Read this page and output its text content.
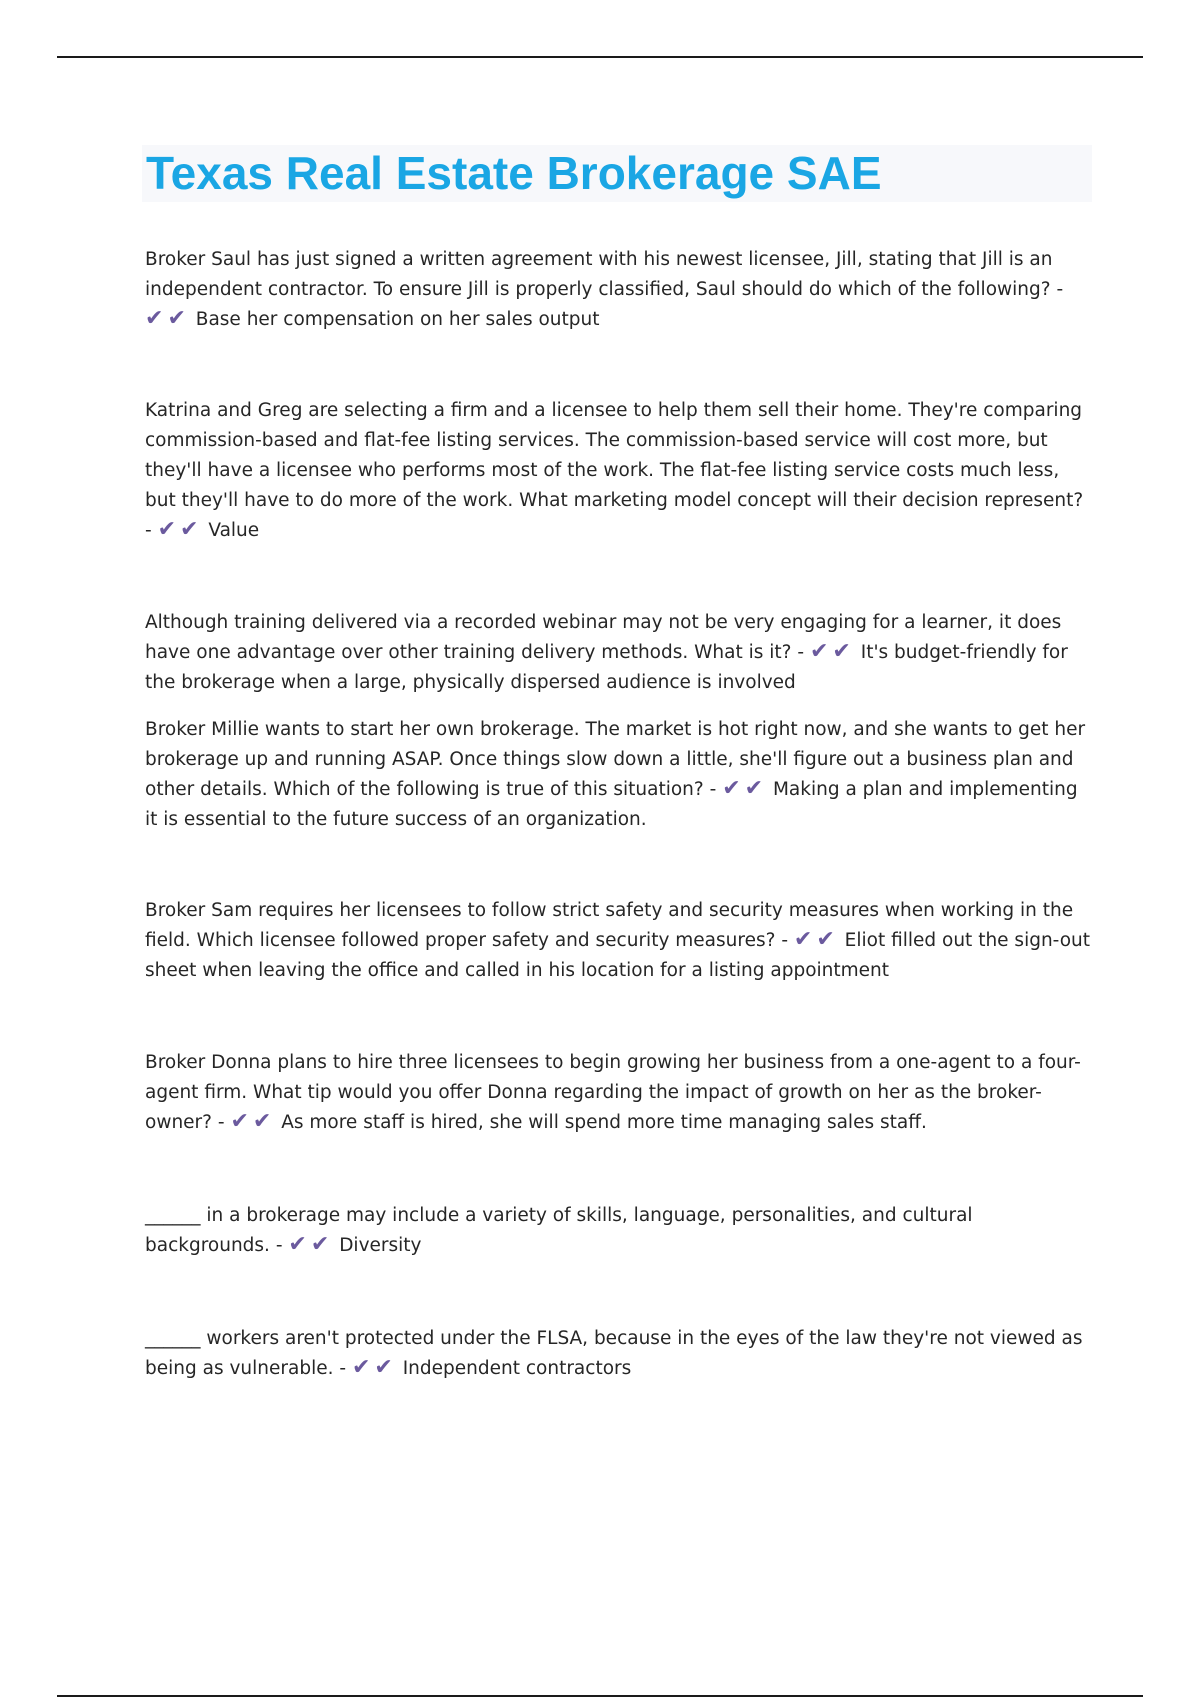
Texas Real Estate Brokerage SAE

Broker Saul has just signed a written agreement with his newest licensee, Jill, stating that Jill is an independent contractor. To ensure Jill is properly classified, Saul should do which of the following? - ✔ ✔ Base her compensation on her sales output

Katrina and Greg are selecting a firm and a licensee to help them sell their home. They're comparing commission-based and flat-fee listing services. The commission-based service will cost more, but they'll have a licensee who performs most of the work. The flat-fee listing service costs much less, but they'll have to do more of the work. What marketing model concept will their decision represent? - ✔ ✔ Value

Although training delivered via a recorded webinar may not be very engaging for a learner, it does have one advantage over other training delivery methods. What is it? - ✔ ✔ It's budget-friendly for the brokerage when a large, physically dispersed audience is involved

Broker Millie wants to start her own brokerage. The market is hot right now, and she wants to get her brokerage up and running ASAP. Once things slow down a little, she'll figure out a business plan and other details. Which of the following is true of this situation? - ✔ ✔ Making a plan and implementing it is essential to the future success of an organization.

Broker Sam requires her licensees to follow strict safety and security measures when working in the field. Which licensee followed proper safety and security measures? - ✔ ✔ Eliot filled out the sign-out sheet when leaving the office and called in his location for a listing appointment

Broker Donna plans to hire three licensees to begin growing her business from a one-agent to a four-agent firm. What tip would you offer Donna regarding the impact of growth on her as the broker-owner? - ✔ ✔ As more staff is hired, she will spend more time managing sales staff.

______ in a brokerage may include a variety of skills, language, personalities, and cultural backgrounds. - ✔ ✔ Diversity

______ workers aren't protected under the FLSA, because in the eyes of the law they're not viewed as being as vulnerable. - ✔ ✔ Independent contractors
